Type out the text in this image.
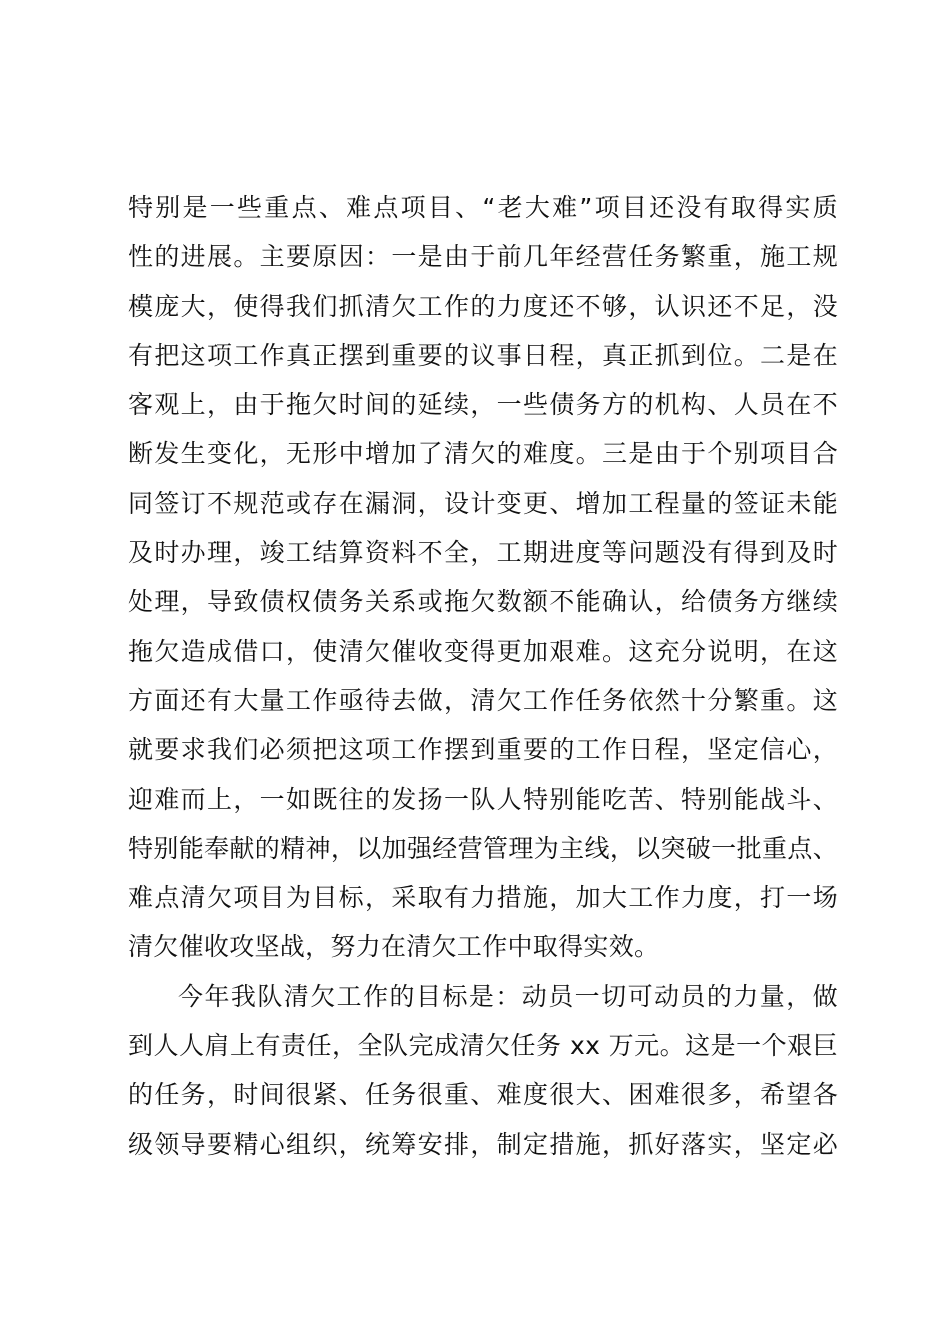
特别是一些重点、难点项目、“老大难”项目还没有取得实质
性的进展。主要原因：一是由于前几年经营任务繁重，施工规
模庞大，使得我们抓清欠工作的力度还不够，认识还不足，没
有把这项工作真正摆到重要的议事日程，真正抓到位。二是在
客观上，由于拖欠时间的延续，一些债务方的机构、人员在不
断发生变化，无形中增加了清欠的难度。三是由于个别项目合
同签订不规范或存在漏洞，设计变更、增加工程量的签证未能
及时办理，竣工结算资料不全，工期进度等问题没有得到及时
处理，导致债权债务关系或拖欠数额不能确认，给债务方继续
拖欠造成借口，使清欠催收变得更加艰难。这充分说明，在这
方面还有大量工作亟待去做，清欠工作任务依然十分繁重。这
就要求我们必须把这项工作摆到重要的工作日程，坚定信心，
迎难而上，一如既往的发扬一队人特别能吃苦、特别能战斗、
特别能奉献的精神，以加强经营管理为主线，以突破一批重点、
难点清欠项目为目标，采取有力措施，加大工作力度，打一场
清欠催收攻坚战，努力在清欠工作中取得实效。
今年我队清欠工作的目标是：动员一切可动员的力量，做
到人人肩上有责任，全队完成清欠任务 xx 万元。这是一个艰巨
的任务，时间很紧、任务很重、难度很大、困难很多，希望各
级领导要精心组织，统筹安排，制定措施，抓好落实，坚定必
